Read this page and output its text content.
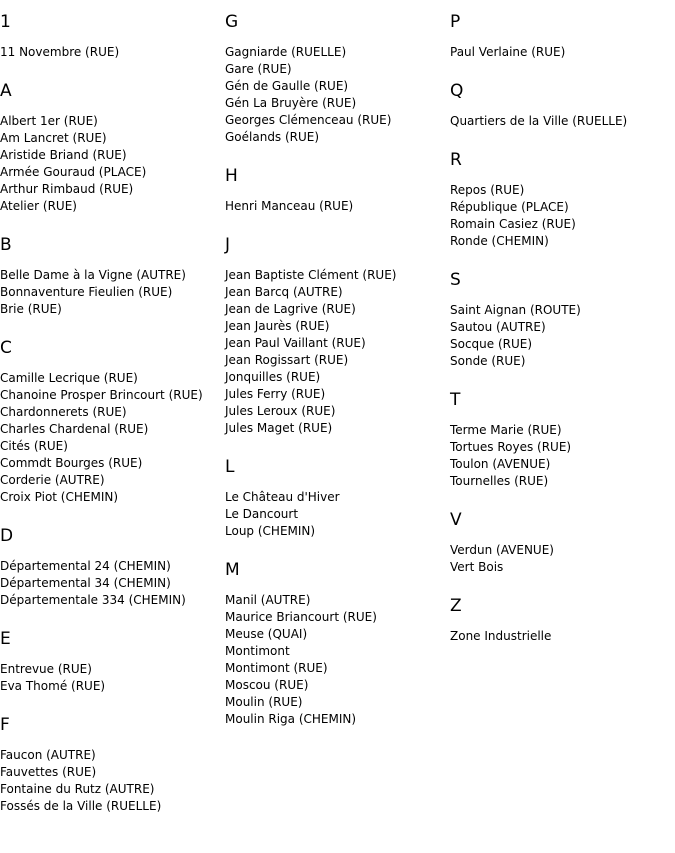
1
11 Novembre (RUE)
A
Albert 1er (RUE)
Am Lancret (RUE)
Aristide Briand (RUE)
Armée Gouraud (PLACE)
Arthur Rimbaud (RUE)
Atelier (RUE)
B
Belle Dame à la Vigne (AUTRE)
Bonnaventure Fieulien (RUE)
Brie (RUE)
C
Camille Lecrique (RUE)
Chanoine Prosper Brincourt (RUE)
Chardonnerets (RUE)
Charles Chardenal (RUE)
Cités (RUE)
Commdt Bourges (RUE)
Corderie (AUTRE)
Croix Piot (CHEMIN)
D
Départemental 24 (CHEMIN)
Départemental 34 (CHEMIN)
Départementale 334 (CHEMIN)
E
Entrevue (RUE)
Eva Thomé (RUE)
F
Faucon (AUTRE)
Fauvettes (RUE)
Fontaine du Rutz (AUTRE)
Fossés de la Ville (RUELLE)
G
Gagniarde (RUELLE)
Gare (RUE)
Gén de Gaulle (RUE)
Gén La Bruyère (RUE)
Georges Clémenceau (RUE)
Goélands (RUE)
H
Henri Manceau (RUE)
J
Jean Baptiste Clément (RUE)
Jean Barcq (AUTRE)
Jean de Lagrive (RUE)
Jean Jaurès (RUE)
Jean Paul Vaillant (RUE)
Jean Rogissart (RUE)
Jonquilles (RUE)
Jules Ferry (RUE)
Jules Leroux (RUE)
Jules Maget (RUE)
L
Le Château d'Hiver
Le Dancourt
Loup (CHEMIN)
M
Manil (AUTRE)
Maurice Briancourt (RUE)
Meuse (QUAI)
Montimont
Montimont (RUE)
Moscou (RUE)
Moulin (RUE)
Moulin Riga (CHEMIN)
P
Paul Verlaine (RUE)
Q
Quartiers de la Ville (RUELLE)
R
Repos (RUE)
République (PLACE)
Romain Casiez (RUE)
Ronde (CHEMIN)
S
Saint Aignan (ROUTE)
Sautou (AUTRE)
Socque (RUE)
Sonde (RUE)
T
Terme Marie (RUE)
Tortues Royes (RUE)
Toulon (AVENUE)
Tournelles (RUE)
V
Verdun (AVENUE)
Vert Bois
Z
Zone Industrielle
